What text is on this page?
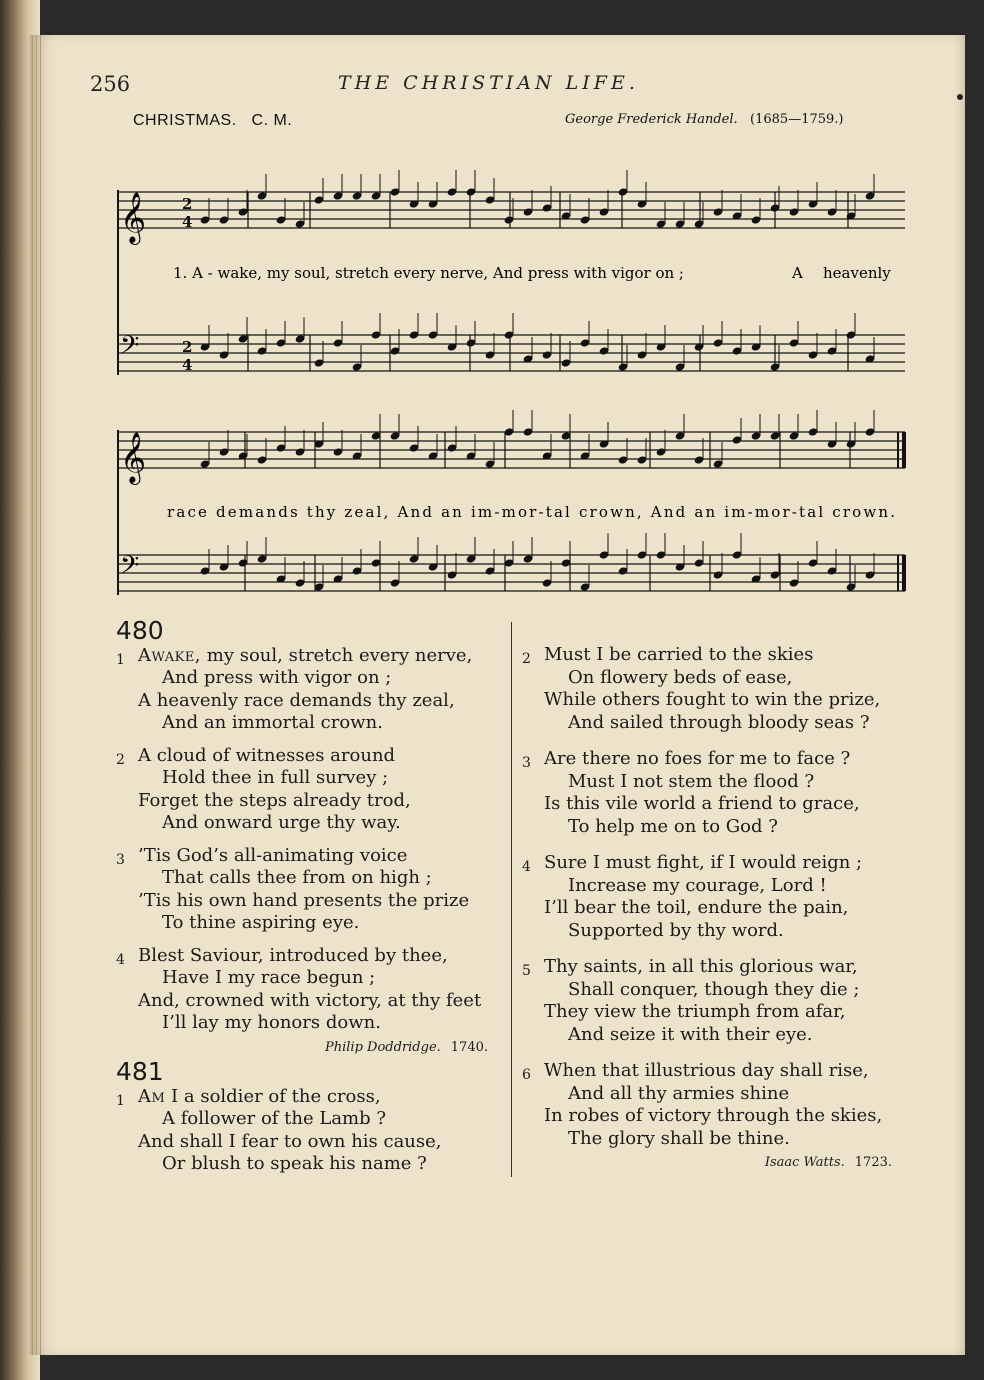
256	THE CHRISTIAN LIFE.
CHRISTMAS. C. M.	George Frederick Handel. (1685—1759.)
𝄞
𝄢
𝄞
𝄢
2
4
2
4
1. A - wake, my soul, stretch every nerve, And press with vigor on ;	A heavenly
race demands thy zeal, And an im-mor-tal crown, And an im-mor-tal crown.
480
1 Awake, my soul, stretch every nerve,
And press with vigor on ;
A heavenly race demands thy zeal,
And an immortal crown.
2 A cloud of witnesses around
Hold thee in full survey ;
Forget the steps already trod,
And onward urge thy way.
3 ’Tis God’s all-animating voice
That calls thee from on high ;
’Tis his own hand presents the prize
To thine aspiring eye.
4 Blest Saviour, introduced by thee,
Have I my race begun ;
And, crowned with victory, at thy feet
I’ll lay my honors down.
Philip Doddridge. 1740.
481
1 Am I a soldier of the cross,
A follower of the Lamb ?
And shall I fear to own his cause,
Or blush to speak his name ?
2 Must I be carried to the skies
On flowery beds of ease,
While others fought to win the prize,
And sailed through bloody seas ?
3 Are there no foes for me to face ?
Must I not stem the flood ?
Is this vile world a friend to grace,
To help me on to God ?
4 Sure I must fight, if I would reign ;
Increase my courage, Lord !
I’ll bear the toil, endure the pain,
Supported by thy word.
5 Thy saints, in all this glorious war,
Shall conquer, though they die ;
They view the triumph from afar,
And seize it with their eye.
6 When that illustrious day shall rise,
And all thy armies shine
In robes of victory through the skies,
The glory shall be thine.
Isaac Watts. 1723.
